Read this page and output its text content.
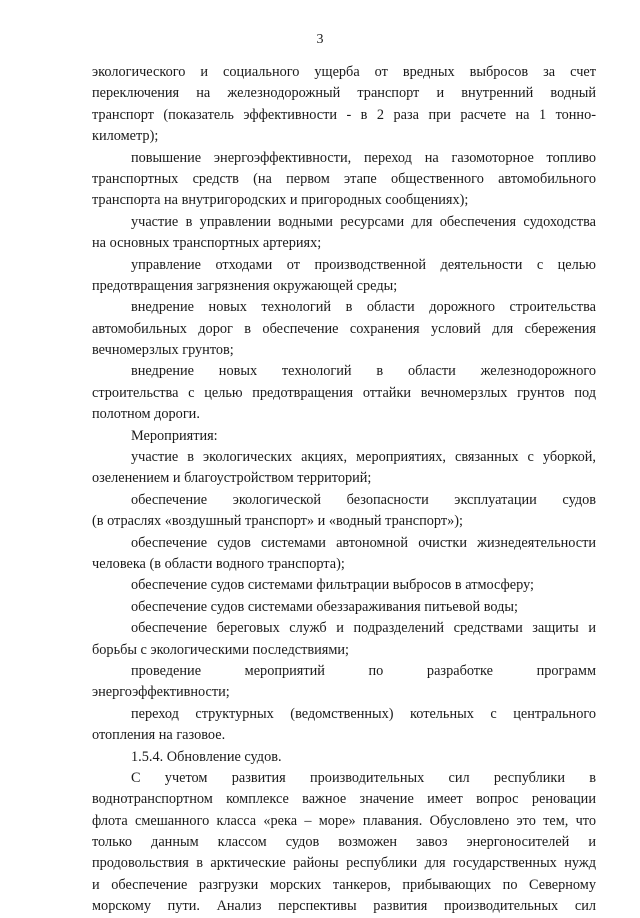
3
экологического и социального ущерба от вредных выбросов за счет
переключения на железнодорожный транспорт и внутренний водный
транспорт (показатель эффективности - в 2 раза при расчете на 1 тонно-
километр);
повышение энергоэффективности, переход на газомоторное топливо
транспортных средств (на первом этапе общественного автомобильного
транспорта на внутригородских и пригородных сообщениях);
участие в управлении водными ресурсами для обеспечения судоходства
на основных транспортных артериях;
управление отходами от производственной деятельности с целью
предотвращения загрязнения окружающей среды;
внедрение новых технологий в области дорожного строительства
автомобильных дорог в обеспечение сохранения условий для сбережения
вечномерзлых грунтов;
внедрение новых технологий в области железнодорожного
строительства с целью предотвращения оттайки вечномерзлых грунтов под
полотном дороги.
Мероприятия:
участие в экологических акциях, мероприятиях, связанных с уборкой,
озеленением и благоустройством территорий;
обеспечение экологической безопасности эксплуатации судов
(в отраслях «воздушный транспорт» и «водный транспорт»);
обеспечение судов системами автономной очистки жизнедеятельности
человека (в области водного транспорта);
обеспечение судов системами фильтрации выбросов в атмосферу;
обеспечение судов системами обеззараживания питьевой воды;
обеспечение береговых служб и подразделений средствами защиты и
борьбы с экологическими последствиями;
проведение мероприятий по разработке программ
энергоэффективности;
переход структурных (ведомственных) котельных с центрального
отопления на газовое.
1.5.4. Обновление судов.
С учетом развития производительных сил республики в
воднотранспортном комплексе важное значение имеет вопрос реновации
флота смешанного класса «река – море» плавания. Обусловлено это тем, что
только данным классом судов возможен завоз энергоносителей и
продовольствия в арктические районы республики для государственных нужд
и обеспечение разгрузки морских танкеров, прибывающих по Северному
морскому пути. Анализ перспективы развития производительных сил
